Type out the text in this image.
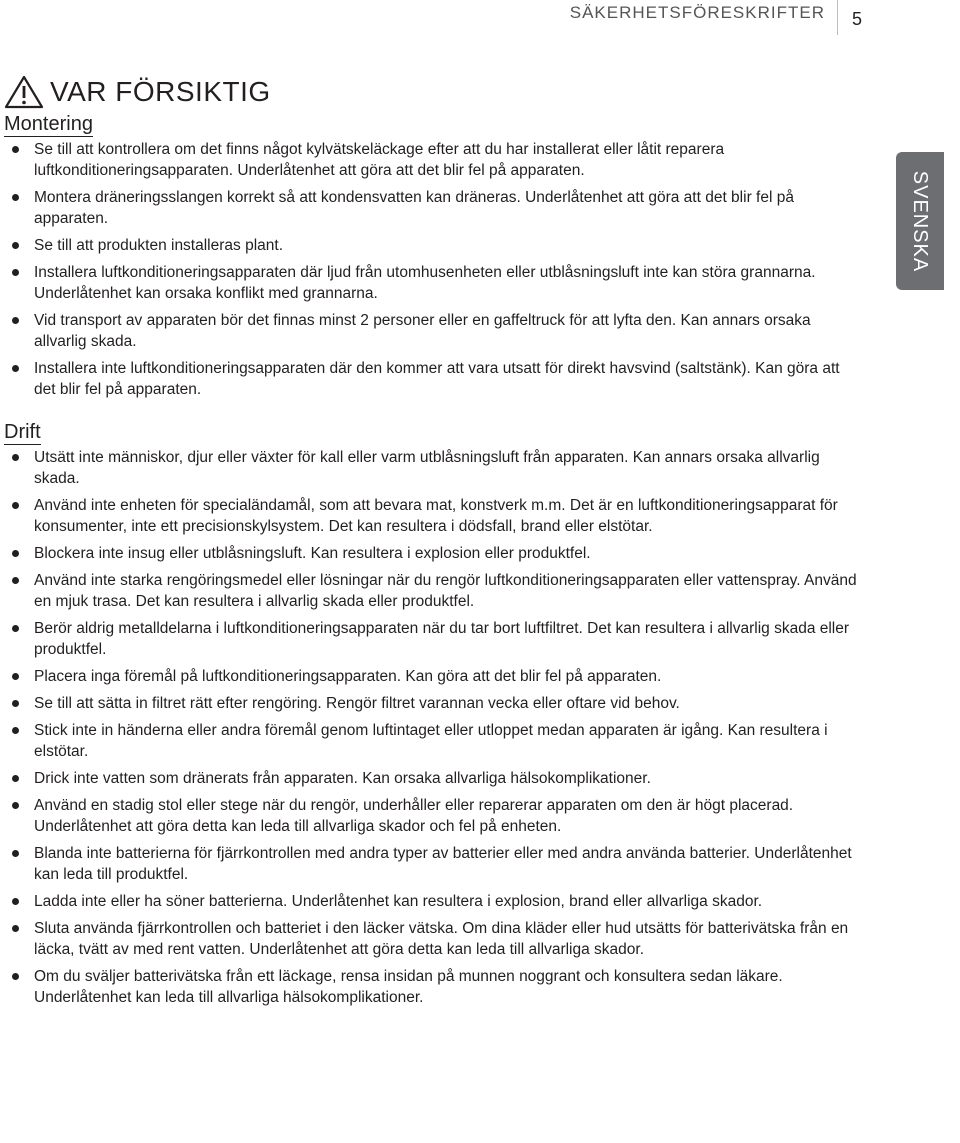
SÄKERHETSFÖRESKRIFTER 5
SVENSKA
VAR FÖRSIKTIG
Montering
Se till att kontrollera om det finns något kylvätskeläckage efter att du har installerat eller låtit reparera luftkonditioneringsapparaten. Underlåtenhet att göra att det blir fel på apparaten.
Montera dräneringsslangen korrekt så att kondensvatten kan dräneras. Underlåtenhet att göra att det blir fel på apparaten.
Se till att produkten installeras plant.
Installera luftkonditioneringsapparaten där ljud från utomhusenheten eller utblåsningsluft inte kan störa grannarna. Underlåtenhet kan orsaka konflikt med grannarna.
Vid transport av apparaten bör det finnas minst 2 personer eller en gaffeltruck för att lyfta den. Kan annars orsaka allvarlig skada.
Installera inte luftkonditioneringsapparaten där den kommer att vara utsatt för direkt havsvind (saltstänk). Kan göra att det blir fel på apparaten.
Drift
Utsätt inte människor, djur eller växter för kall eller varm utblåsningsluft från apparaten. Kan annars orsaka allvarlig skada.
Använd inte enheten för specialändamål, som att bevara mat, konstverk m.m. Det är en luftkonditioneringsapparat för konsumenter, inte ett precisionskylsystem. Det kan resultera i dödsfall, brand eller elstötar.
Blockera inte insug eller utblåsningsluft. Kan resultera i explosion eller produktfel.
Använd inte starka rengöringsmedel eller lösningar när du rengör luftkonditioneringsapparaten eller vattenspray. Använd en mjuk trasa. Det kan resultera i allvarlig skada eller produktfel.
Berör aldrig metalldelarna i luftkonditioneringsapparaten när du tar bort luftfiltret. Det kan resultera i allvarlig skada eller produktfel.
Placera inga föremål på luftkonditioneringsapparaten. Kan göra att det blir fel på apparaten.
Se till att sätta in filtret rätt efter rengöring. Rengör filtret varannan vecka eller oftare vid behov.
Stick inte in händerna eller andra föremål genom luftintaget eller utloppet medan apparaten är igång. Kan resultera i elstötar.
Drick inte vatten som dränerats från apparaten. Kan orsaka allvarliga hälsokomplikationer.
Använd en stadig stol eller stege när du rengör, underhåller eller reparerar apparaten om den är högt placerad. Underlåtenhet att göra detta kan leda till allvarliga skador och fel på enheten.
Blanda inte batterierna för fjärrkontrollen med andra typer av batterier eller med andra använda batterier. Underlåtenhet kan leda till produktfel.
Ladda inte eller ha söner batterierna. Underlåtenhet kan resultera i explosion, brand eller allvarliga skador.
Sluta använda fjärrkontrollen och batteriet i den läcker vätska. Om dina kläder eller hud utsätts för batterivätska från en läcka, tvätt av med rent vatten. Underlåtenhet att göra detta kan leda till allvarliga skador.
Om du sväljer batterivätska från ett läckage, rensa insidan på munnen noggrant och konsultera sedan läkare. Underlåtenhet kan leda till allvarliga hälsokomplikationer.
